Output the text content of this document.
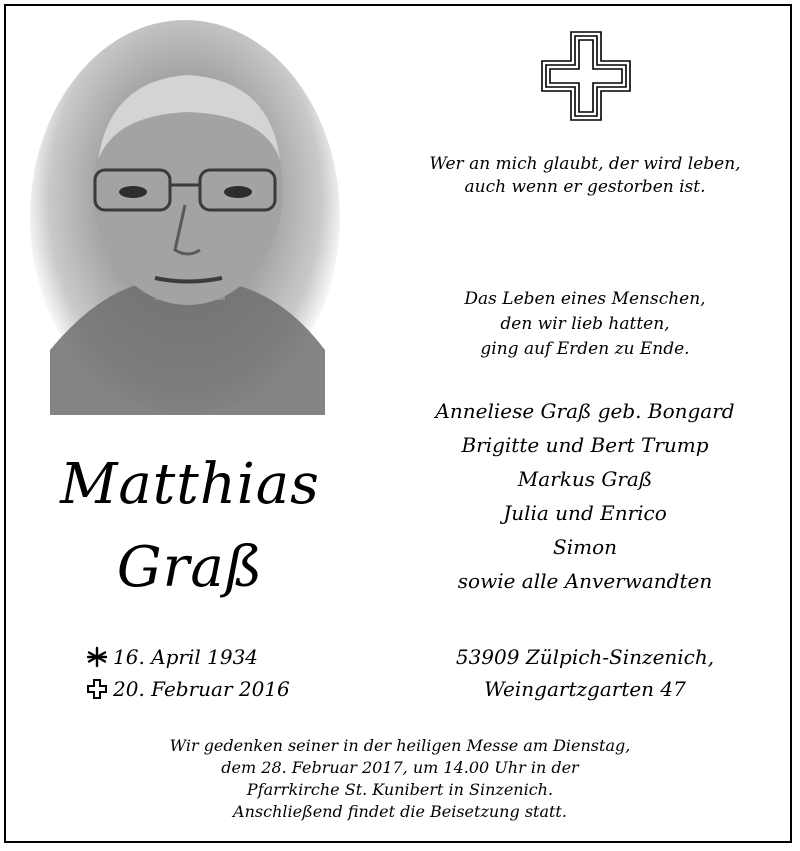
Wer an mich glaubt, der wird leben,
auch wenn er gestorben ist.
Das Leben eines Menschen,
den wir lieb hatten,
ging auf Erden zu Ende.
Anneliese Graß geb. Bongard
Brigitte und Bert Trump
Markus Graß
Julia und Enrico
Simon
sowie alle Anverwandten
Matthias
Graß
16. April 1934
20. Februar 2016
53909 Zülpich-Sinzenich,
Weingartzgarten 47
Wir gedenken seiner in der heiligen Messe am Dienstag,
dem 28. Februar 2017, um 14.00 Uhr in der
Pfarrkirche St. Kunibert in Sinzenich.
Anschließend findet die Beisetzung statt.
